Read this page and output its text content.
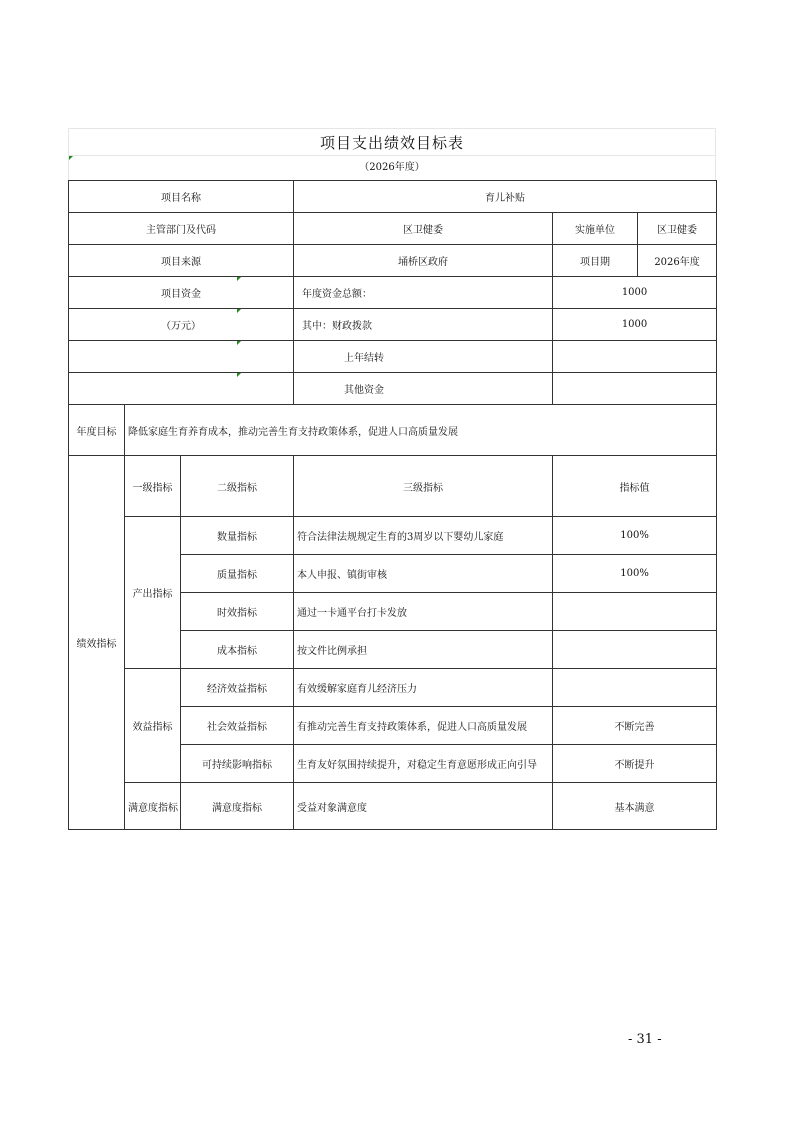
项目支出绩效目标表
（2026年度）
项目名称			育儿补贴		
主管部门及代码			区卫健委	实施单位	区卫健委
项目来源			埇桥区政府	项目期	2026年度
项目资金			年度资金总额：	1000	
（万元）			其中：财政拨款	1000	
			上年结转		
			其他资金		
年度目标	降低家庭生育养育成本，推动完善生育支持政策体系，促进人口高质量发展				
绩效指标	一级指标	二级指标	三级指标	指标值	
	产出指标	数量指标	符合法律法规规定生育的3周岁以下婴幼儿家庭	100%	
		质量指标	本人申报、镇街审核	100%	
		时效指标	通过一卡通平台打卡发放		
		成本指标	按文件比例承担		
	效益指标	经济效益指标	有效缓解家庭育儿经济压力		
		社会效益指标	有推动完善生育支持政策体系，促进人口高质量发展	不断完善	
		可持续影响指标	生育友好氛围持续提升，对稳定生育意愿形成正向引导	不断提升	
	满意度指标	满意度指标	受益对象满意度	基本满意	
- 31 -
